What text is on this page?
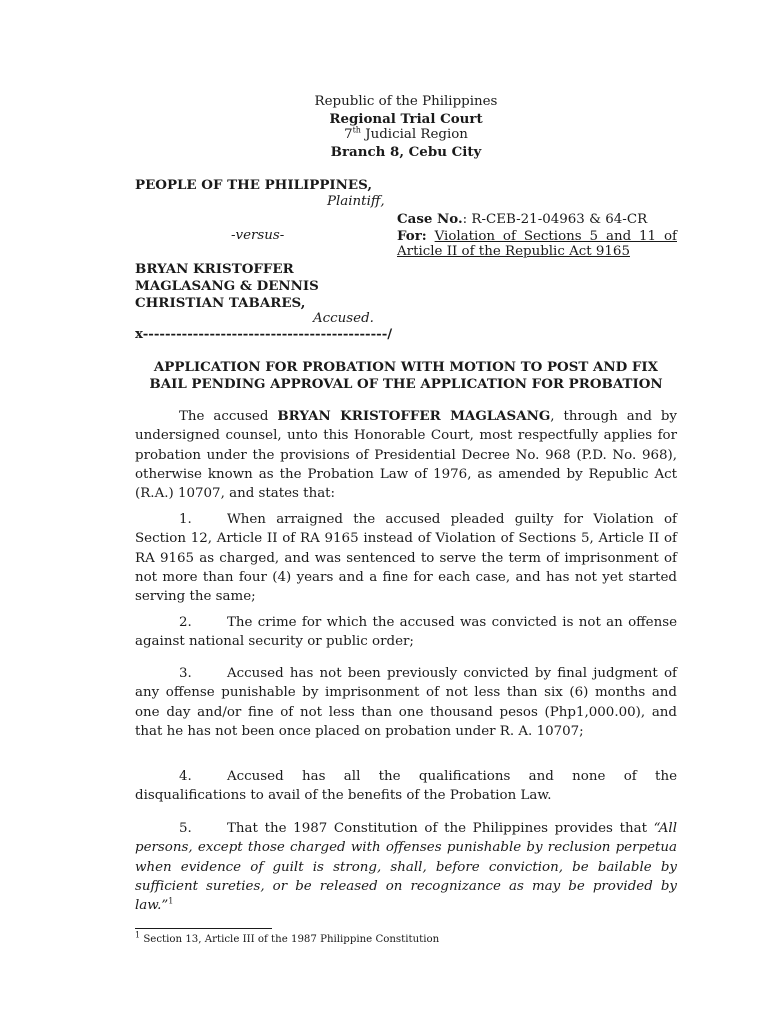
Republic of the Philippines
Regional Trial Court
7th Judicial Region
Branch 8, Cebu City
PEOPLE OF THE PHILIPPINES,
Plaintiff,
-versus-
BRYAN KRISTOFFER
MAGLASANG & DENNIS
CHRISTIAN TABARES,
Accused.
x--------------------------------------------/
Case No.: R-CEB-21-04963 & 64-CR
For: Violation of Sections 5 and 11 of
Article II of the Republic Act 9165
APPLICATION FOR PROBATION WITH MOTION TO POST AND FIX
BAIL PENDING APPROVAL OF THE APPLICATION FOR PROBATION

The accused BRYAN KRISTOFFER MAGLASANG, through and by undersigned counsel, unto this Honorable Court, most respectfully applies for probation under the provisions of Presidential Decree No. 968 (P.D. No. 968), otherwise known as the Probation Law of 1976, as amended by Republic Act (R.A.) 10707, and states that:

1.	When arraigned the accused pleaded guilty for Violation of Section 12, Article II of RA 9165 instead of Violation of Sections 5, Article II of RA 9165 as charged, and was sentenced to serve the term of imprisonment of not more than four (4) years and a fine for each case, and has not yet started serving the same;

2.	The crime for which the accused was convicted is not an offense against national security or public order;

3.	Accused has not been previously convicted by final judgment of any offense punishable by imprisonment of not less than six (6) months and one day and/or fine of not less than one thousand pesos (Php1,000.00), and that he has not been once placed on probation under R. A. 10707;

4.	Accused has all the qualifications and none of the disqualifications to avail of the benefits of the Probation Law.

5.	That the 1987 Constitution of the Philippines provides that “All persons, except those charged with offenses punishable by reclusion perpetua when evidence of guilt is strong, shall, before conviction, be bailable by sufficient sureties, or be released on recognizance as may be provided by law.”$^1$

$^1$ Section 13, Article III of the 1987 Philippine Constitution
